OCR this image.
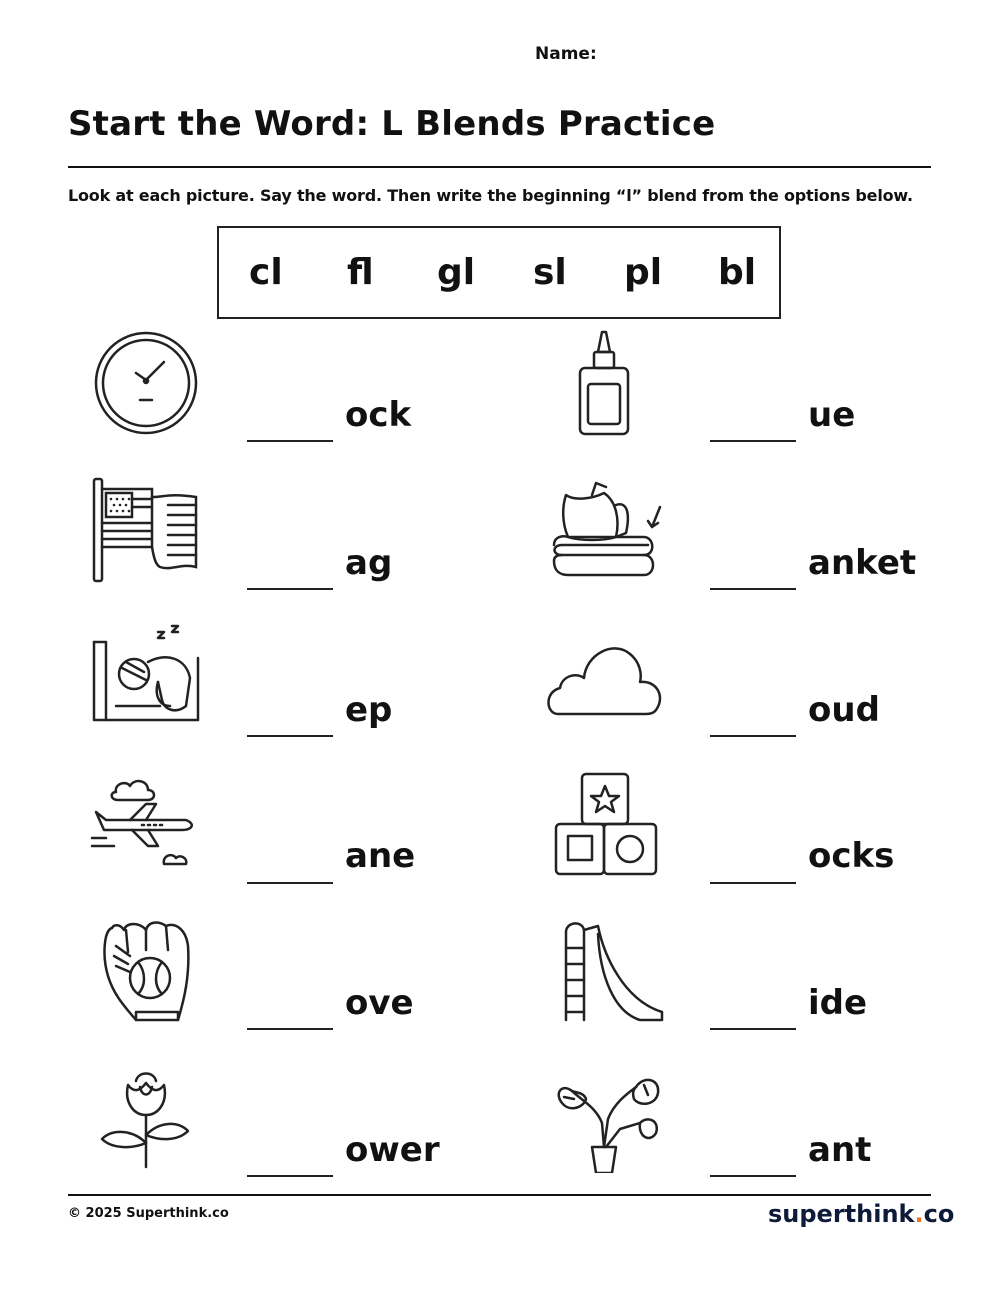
Name:
Start the Word: L Blends Practice
Look at each picture. Say the word. Then write the beginning “l” blend from the options below.
cl fl gl sl pl bl
ock
ag
ep
ane
ove
ower
ue
anket
oud
ocks
ide
ant
© 2025 Superthink.co	superthink.co
